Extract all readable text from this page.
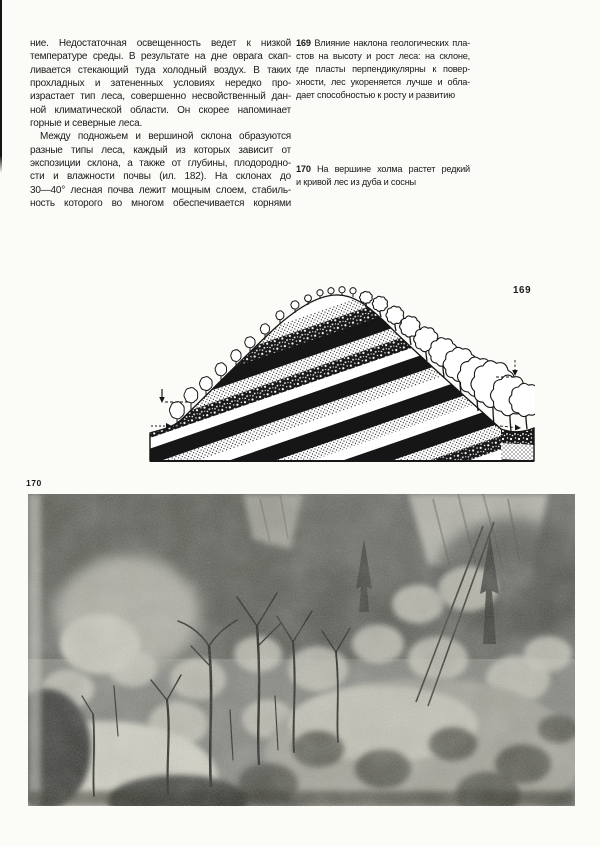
ние. Недостаточная освещенность ведет к низкой
температуре среды. В результате на дне оврага скап-
ливается стекающий туда холодный воздух. В таких
прохладных и затененных условиях нередко про-
израстает тип леса, совершенно несвойственный дан-
ной климатической области. Он скорее напоминает
горные и северные леса.
Между подножьем и вершиной склона образуются
разные типы леса, каждый из которых зависит от
экспозиции склона, а также от глубины, плодородно-
сти и влажности почвы (ил. 182). На склонах до
30—40° лесная почва лежит мощным слоем, стабиль-
ность которого во многом обеспечивается корнями
169 Влияние наклона геологических пла-
стов на высоту и рост леса: на склоне,
где пласты перпендикулярны к повер-
хности, лес укореняется лучше и обла-
дает способностью к росту и развитию
170 На вершине холма растет редкий
и кривой лес из дуба и сосны
169
170
